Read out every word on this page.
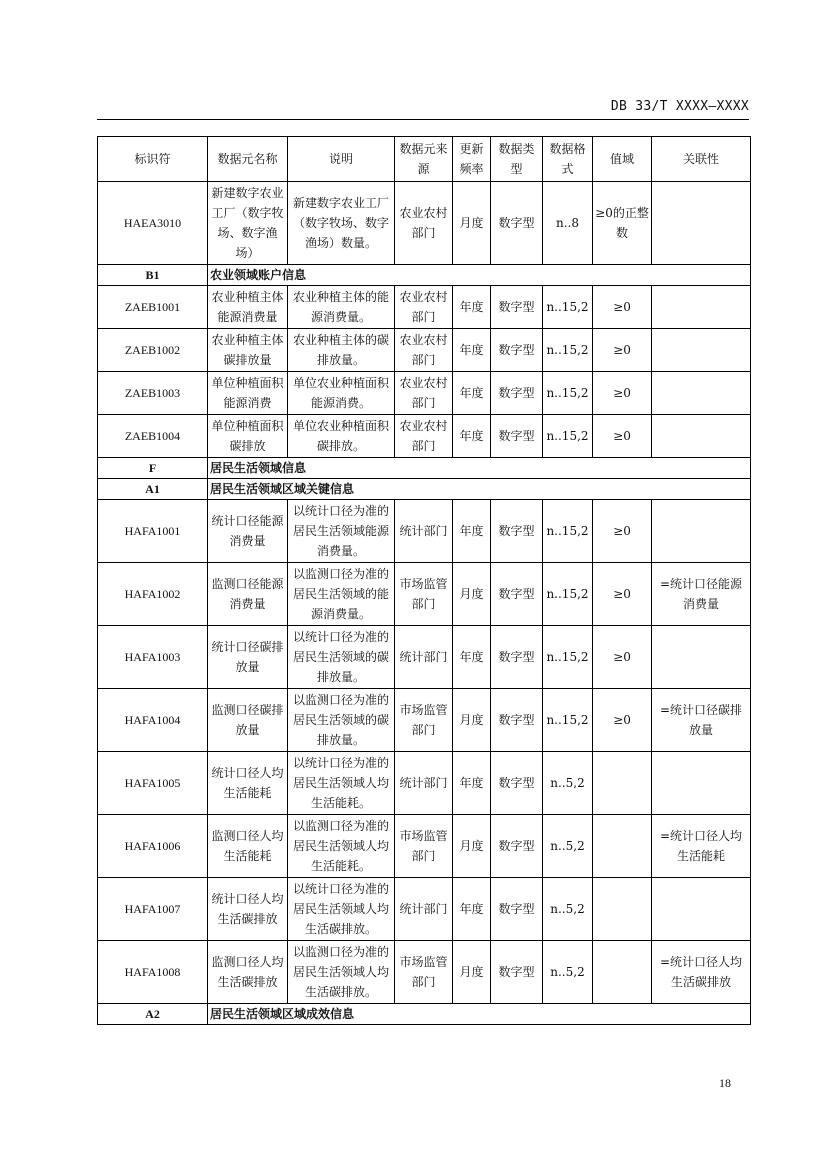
DB 33/T XXXX—XXXX
标识符	数据元名称	说明	数据元来源	更新频率	数据类型	数据格式	值域	关联性
HAEA3010	新建数字农业工厂（数字牧场、数字渔场）	新建数字农业工厂（数字牧场、数字渔场）数量。	农业农村部门	月度	数字型	n..8	≥0的正整数	
B1	农业领域账户信息							
ZAEB1001	农业种植主体能源消费量	农业种植主体的能源消费量。	农业农村部门	年度	数字型	n..15,2	≥0	
ZAEB1002	农业种植主体碳排放量	农业种植主体的碳排放量。	农业农村部门	年度	数字型	n..15,2	≥0	
ZAEB1003	单位种植面积能源消费	单位农业种植面积能源消费。	农业农村部门	年度	数字型	n..15,2	≥0	
ZAEB1004	单位种植面积碳排放	单位农业种植面积碳排放。	农业农村部门	年度	数字型	n..15,2	≥0	
F	居民生活领域信息							
A1	居民生活领域区域关键信息							
HAFA1001	统计口径能源消费量	以统计口径为准的居民生活领域能源消费量。	统计部门	年度	数字型	n..15,2	≥0	
HAFA1002	监测口径能源消费量	以监测口径为准的居民生活领域的能源消费量。	市场监管部门	月度	数字型	n..15,2	≥0	=统计口径能源消费量
HAFA1003	统计口径碳排放量	以统计口径为准的居民生活领域的碳排放量。	统计部门	年度	数字型	n..15,2	≥0	
HAFA1004	监测口径碳排放量	以监测口径为准的居民生活领域的碳排放量。	市场监管部门	月度	数字型	n..15,2	≥0	=统计口径碳排放量
HAFA1005	统计口径人均生活能耗	以统计口径为准的居民生活领域人均生活能耗。	统计部门	年度	数字型	n..5,2		
HAFA1006	监测口径人均生活能耗	以监测口径为准的居民生活领域人均生活能耗。	市场监管部门	月度	数字型	n..5,2		=统计口径人均生活能耗
HAFA1007	统计口径人均生活碳排放	以统计口径为准的居民生活领域人均生活碳排放。	统计部门	年度	数字型	n..5,2		
HAFA1008	监测口径人均生活碳排放	以监测口径为准的居民生活领域人均生活碳排放。	市场监管部门	月度	数字型	n..5,2		=统计口径人均生活碳排放
A2	居民生活领域区域成效信息							
18
